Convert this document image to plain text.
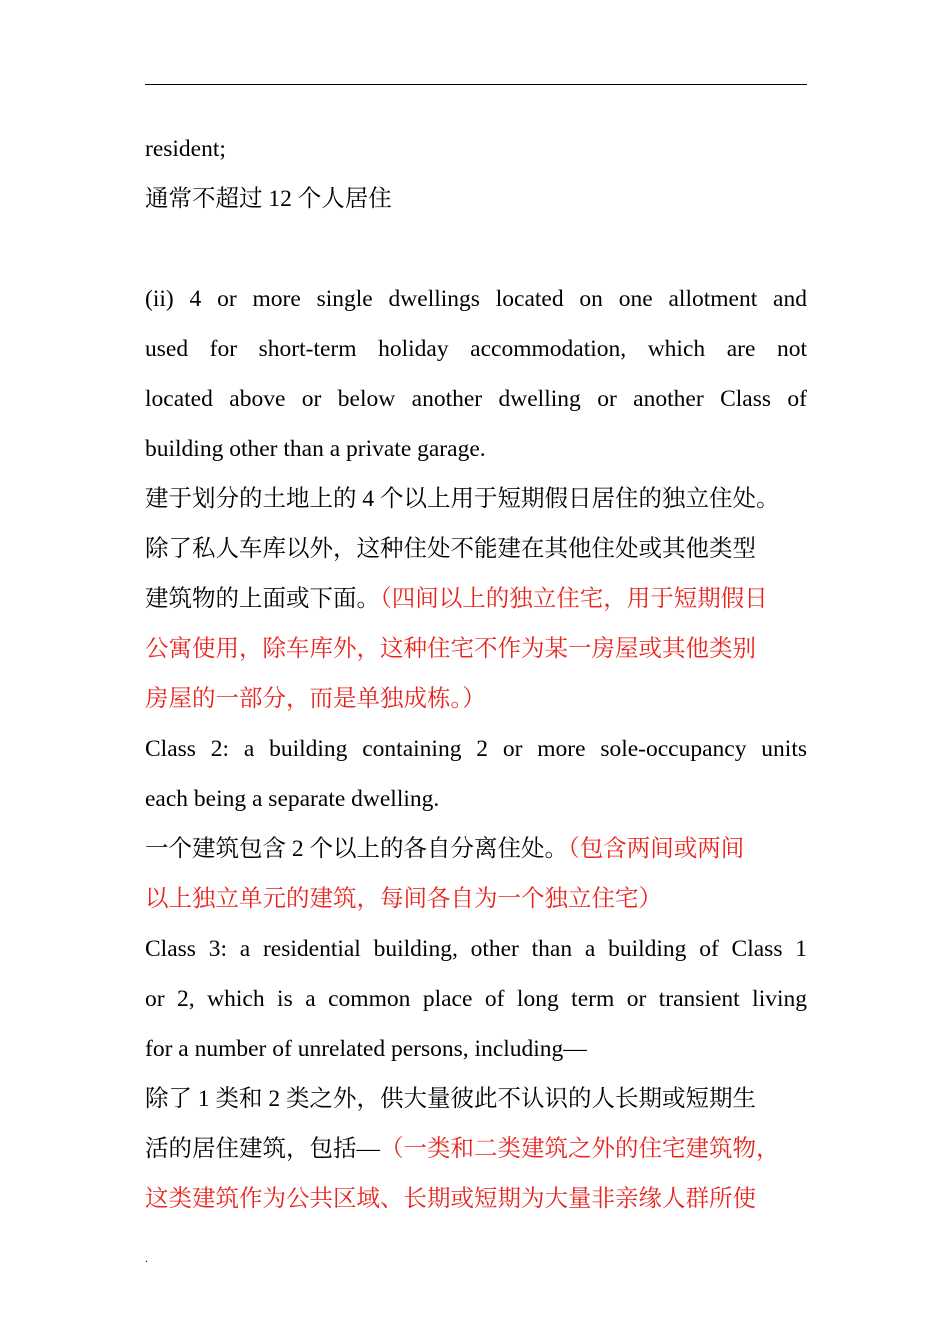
resident;
通常不超过 12 个人居住
(ii) 4 or more single dwellings located on one allotment and
used for short-term holiday accommodation, which are not
located above or below another dwelling or another Class of
building other than a private garage.
建于划分的土地上的 4 个以上用于短期假日居住的独立住处。
除了私人车库以外，这种住处不能建在其他住处或其他类型
建筑物的上面或下面。（四间以上的独立住宅，用于短期假日
公寓使用，除车库外，这种住宅不作为某一房屋或其他类别
房屋的一部分，而是单独成栋。）
Class 2: a building containing 2 or more sole-occupancy units
each being a separate dwelling.
一个建筑包含 2 个以上的各自分离住处。（包含两间或两间
以上独立单元的建筑，每间各自为一个独立住宅）
Class 3: a residential building, other than a building of Class 1
or 2, which is a common place of long term or transient living
for a number of unrelated persons, including—
除了 1 类和 2 类之外，供大量彼此不认识的人长期或短期生
活的居住建筑，包括—（一类和二类建筑之外的住宅建筑物，
这类建筑作为公共区域、长期或短期为大量非亲缘人群所使
.
